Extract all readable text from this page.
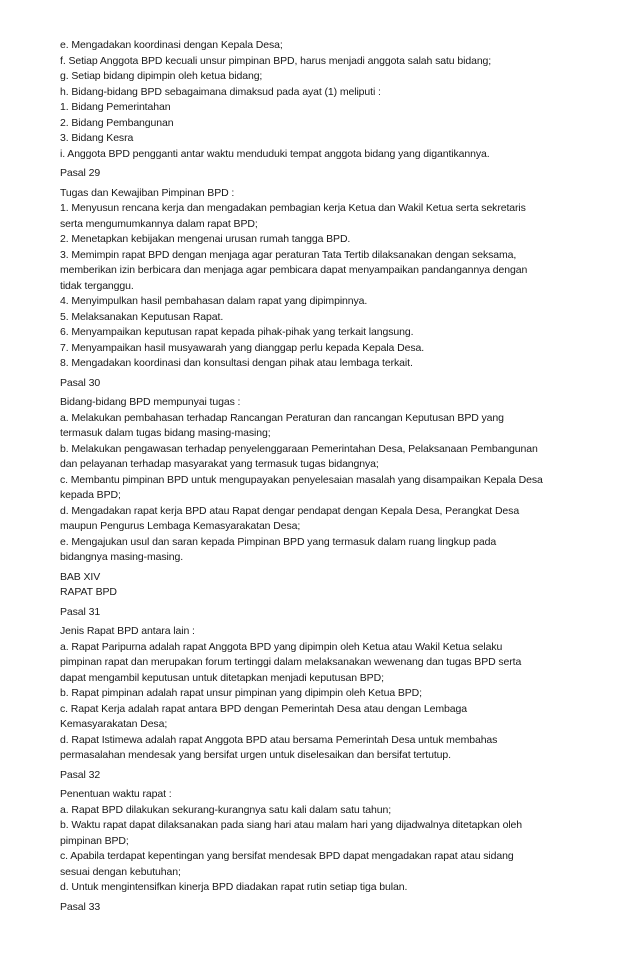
e. Mengadakan koordinasi dengan Kepala Desa;
f. Setiap Anggota BPD kecuali unsur pimpinan BPD, harus menjadi anggota salah satu bidang;
g. Setiap bidang dipimpin oleh ketua bidang;
h. Bidang-bidang BPD sebagaimana dimaksud pada ayat (1) meliputi :
1. Bidang Pemerintahan
2. Bidang Pembangunan
3. Bidang Kesra
i. Anggota BPD pengganti antar waktu menduduki tempat anggota bidang yang digantikannya.
Pasal 29
Tugas dan Kewajiban Pimpinan BPD :
1. Menyusun rencana kerja dan mengadakan pembagian kerja Ketua dan Wakil Ketua serta sekretaris
serta mengumumkannya dalam rapat BPD;
2. Menetapkan kebijakan mengenai urusan rumah tangga BPD.
3. Memimpin rapat BPD dengan menjaga agar peraturan Tata Tertib dilaksanakan dengan seksama,
memberikan izin berbicara dan menjaga agar pembicara dapat menyampaikan pandangannya dengan
tidak terganggu.
4. Menyimpulkan hasil pembahasan dalam rapat yang dipimpinnya.
5. Melaksanakan Keputusan Rapat.
6. Menyampaikan keputusan rapat kepada pihak-pihak yang terkait langsung.
7. Menyampaikan hasil musyawarah yang dianggap perlu kepada Kepala Desa.
8. Mengadakan koordinasi dan konsultasi dengan pihak atau lembaga terkait.
Pasal 30
Bidang-bidang BPD mempunyai tugas :
a. Melakukan pembahasan terhadap Rancangan Peraturan dan rancangan Keputusan BPD yang
termasuk dalam tugas bidang masing-masing;
b. Melakukan pengawasan terhadap penyelenggaraan Pemerintahan Desa, Pelaksanaan Pembangunan
dan pelayanan terhadap masyarakat yang termasuk tugas bidangnya;
c. Membantu pimpinan BPD untuk mengupayakan penyelesaian masalah yang disampaikan Kepala Desa
kepada BPD;
d. Mengadakan rapat kerja BPD atau Rapat dengar pendapat dengan Kepala Desa, Perangkat Desa
maupun Pengurus Lembaga Kemasyarakatan Desa;
e. Mengajukan usul dan saran kepada Pimpinan BPD yang termasuk dalam ruang lingkup pada
bidangnya masing-masing.
BAB XIV
RAPAT BPD
Pasal 31
Jenis Rapat BPD antara lain :
a. Rapat Paripurna adalah rapat Anggota BPD yang dipimpin oleh Ketua atau Wakil Ketua selaku
pimpinan rapat dan merupakan forum tertinggi dalam melaksanakan wewenang dan tugas BPD serta
dapat mengambil keputusan untuk ditetapkan menjadi keputusan BPD;
b. Rapat pimpinan adalah rapat unsur pimpinan yang dipimpin oleh Ketua BPD;
c. Rapat Kerja adalah rapat antara BPD dengan Pemerintah Desa atau dengan Lembaga
Kemasyarakatan Desa;
d. Rapat Istimewa adalah rapat Anggota BPD atau bersama Pemerintah Desa untuk membahas
permasalahan mendesak yang bersifat urgen untuk diselesaikan dan bersifat tertutup.
Pasal 32
Penentuan waktu rapat :
a. Rapat BPD dilakukan sekurang-kurangnya satu kali dalam satu tahun;
b. Waktu rapat dapat dilaksanakan pada siang hari atau malam hari yang dijadwalnya ditetapkan oleh
pimpinan BPD;
c. Apabila terdapat kepentingan yang bersifat mendesak BPD dapat mengadakan rapat atau sidang
sesuai dengan kebutuhan;
d. Untuk mengintensifkan kinerja BPD diadakan rapat rutin setiap tiga bulan.
Pasal 33
